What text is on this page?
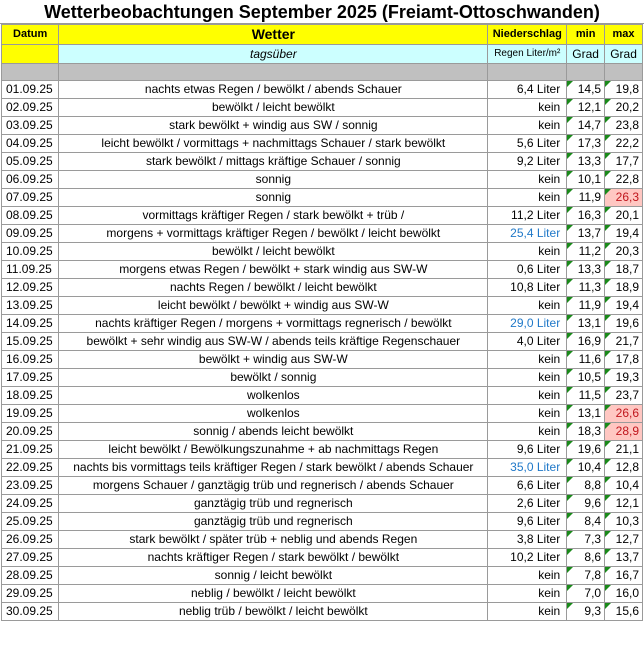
Wetterbeobachtungen September 2025 (Freiamt-Ottoschwanden)
Datum	Wetter	Niederschlag	min	max
	tagsüber	Regen Liter/m²	Grad	Grad

01.09.25	nachts etwas Regen / bewölkt / abends Schauer	6,4 Liter	14,5	19,8
02.09.25	bewölkt / leicht bewölkt	kein	12,1	20,2
03.09.25	stark bewölkt + windig aus SW / sonnig	kein	14,7	23,8
04.09.25	leicht bewölkt / vormittags + nachmittags Schauer / stark bewölkt	5,6 Liter	17,3	22,2
05.09.25	stark bewölkt / mittags kräftige Schauer / sonnig	9,2 Liter	13,3	17,7
06.09.25	sonnig	kein	10,1	22,8
07.09.25	sonnig	kein	11,9	26,3
08.09.25	vormittags kräftiger Regen / stark bewölkt + trüb /	11,2 Liter	16,3	20,1
09.09.25	morgens + vormittags kräftiger Regen / bewölkt / leicht bewölkt	25,4 Liter	13,7	19,4
10.09.25	bewölkt / leicht bewölkt	kein	11,2	20,3
11.09.25	morgens etwas Regen / bewölkt + stark windig aus SW-W	0,6 Liter	13,3	18,7
12.09.25	nachts Regen / bewölkt / leicht bewölkt	10,8 Liter	11,3	18,9
13.09.25	leicht bewölkt / bewölkt + windig aus SW-W	kein	11,9	19,4
14.09.25	nachts kräftiger Regen / morgens + vormittags regnerisch / bewölkt	29,0 Liter	13,1	19,6
15.09.25	bewölkt + sehr windig aus SW-W / abends teils kräftige Regenschauer	4,0 Liter	16,9	21,7
16.09.25	bewölkt + windig aus SW-W	kein	11,6	17,8
17.09.25	bewölkt / sonnig	kein	10,5	19,3
18.09.25	wolkenlos	kein	11,5	23,7
19.09.25	wolkenlos	kein	13,1	26,6
20.09.25	sonnig / abends leicht bewölkt	kein	18,3	28,9
21.09.25	leicht bewölkt / Bewölkungszunahme + ab nachmittags Regen	9,6 Liter	19,6	21,1
22.09.25	nachts bis vormittags teils kräftiger Regen / stark bewölkt / abends Schauer	35,0 Liter	10,4	12,8
23.09.25	morgens Schauer / ganztägig trüb und regnerisch / abends Schauer	6,6 Liter	8,8	10,4
24.09.25	ganztägig trüb und regnerisch	2,6 Liter	9,6	12,1
25.09.25	ganztägig trüb und regnerisch	9,6 Liter	8,4	10,3
26.09.25	stark bewölkt / später trüb + neblig und abends Regen	3,8 Liter	7,3	12,7
27.09.25	nachts kräftiger Regen / stark bewölkt / bewölkt	10,2 Liter	8,6	13,7
28.09.25	sonnig / leicht bewölkt	kein	7,8	16,7
29.09.25	neblig / bewölkt / leicht bewölkt	kein	7,0	16,0
30.09.25	neblig trüb / bewölkt / leicht bewölkt	kein	9,3	15,6
